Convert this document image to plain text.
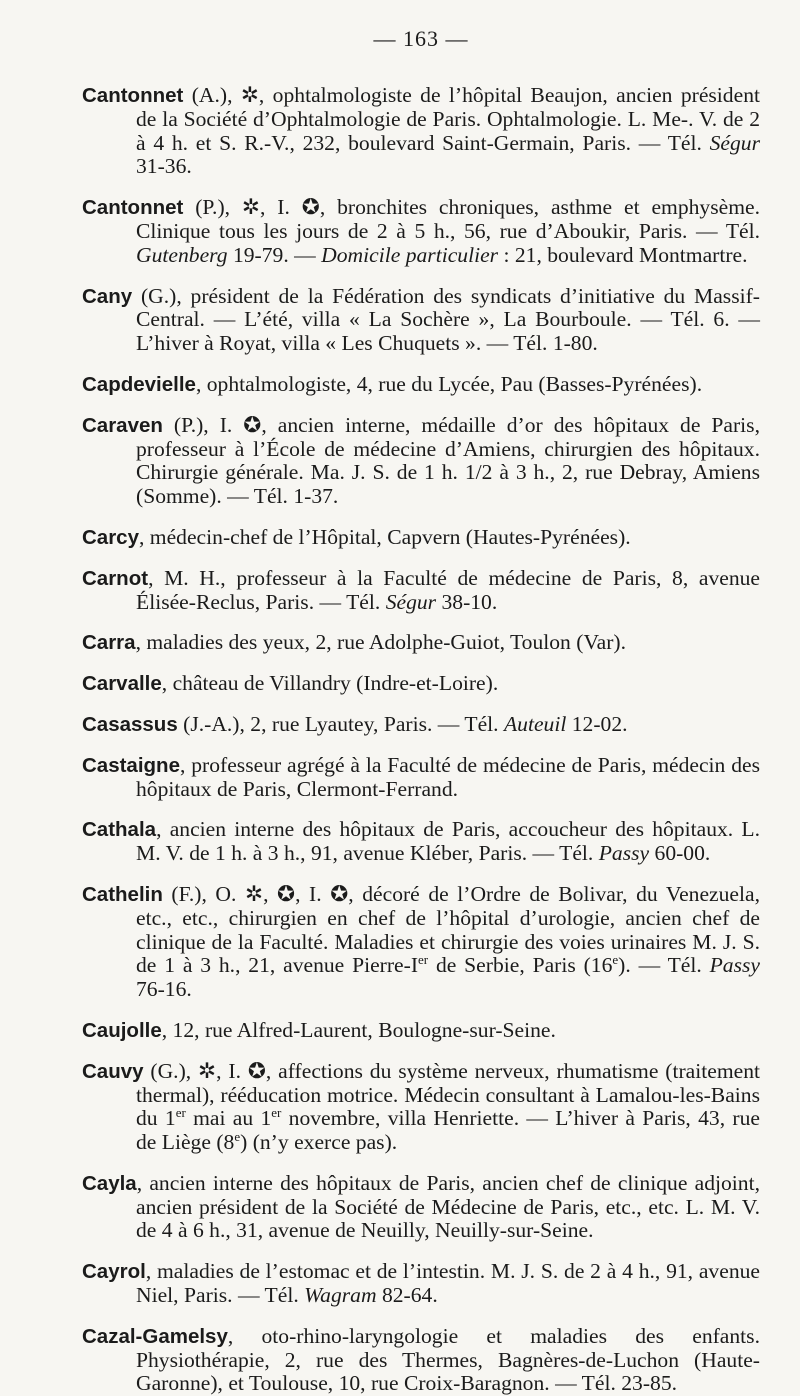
— 163 —
Cantonnet (A.), ✲, ophtalmologiste de l’hôpital Beaujon, ancien président de la Société d’Ophtalmologie de Paris. Ophtalmologie. L. Me-. V. de 2 à 4 h. et S. R.-V., 232, boulevard Saint-Germain, Paris. — Tél. Ségur 31-36.
Cantonnet (P.), ✲, I. ✪, bronchites chroniques, asthme et emphysème. Clinique tous les jours de 2 à 5 h., 56, rue d’Aboukir, Paris. — Tél. Gutenberg 19-79. — Domicile particulier : 21, boulevard Montmartre.
Cany (G.), président de la Fédération des syndicats d’initiative du Massif-Central. — L’été, villa « La Sochère », La Bourboule. — Tél. 6. — L’hiver à Royat, villa « Les Chuquets ». — Tél. 1-80.
Capdevielle, ophtalmologiste, 4, rue du Lycée, Pau (Basses-Pyrénées).
Caraven (P.), I. ✪, ancien interne, médaille d’or des hôpitaux de Paris, professeur à l’École de médecine d’Amiens, chirurgien des hôpitaux. Chirurgie générale. Ma. J. S. de 1 h. 1/2 à 3 h., 2, rue Debray, Amiens (Somme). — Tél. 1-37.
Carcy, médecin-chef de l’Hôpital, Capvern (Hautes-Pyrénées).
Carnot, M. H., professeur à la Faculté de médecine de Paris, 8, avenue Élisée-Reclus, Paris. — Tél. Ségur 38-10.
Carra, maladies des yeux, 2, rue Adolphe-Guiot, Toulon (Var).
Carvalle, château de Villandry (Indre-et-Loire).
Casassus (J.-A.), 2, rue Lyautey, Paris. — Tél. Auteuil 12-02.
Castaigne, professeur agrégé à la Faculté de médecine de Paris, médecin des hôpitaux de Paris, Clermont-Ferrand.
Cathala, ancien interne des hôpitaux de Paris, accoucheur des hôpitaux. L. M. V. de 1 h. à 3 h., 91, avenue Kléber, Paris. — Tél. Passy 60-00.
Cathelin (F.), O. ✲, ✪, I. ✪, décoré de l’Ordre de Bolivar, du Venezuela, etc., etc., chirurgien en chef de l’hôpital d’urologie, ancien chef de clinique de la Faculté. Maladies et chirurgie des voies urinaires M. J. S. de 1 à 3 h., 21, avenue Pierre-Ier de Serbie, Paris (16e). — Tél. Passy 76-16.
Caujolle, 12, rue Alfred-Laurent, Boulogne-sur-Seine.
Cauvy (G.), ✲, I. ✪, affections du système nerveux, rhumatisme (traitement thermal), rééducation motrice. Médecin consultant à Lamalou-les-Bains du 1er mai au 1er novembre, villa Henriette. — L’hiver à Paris, 43, rue de Liège (8e) (n’y exerce pas).
Cayla, ancien interne des hôpitaux de Paris, ancien chef de clinique adjoint, ancien président de la Société de Médecine de Paris, etc., etc. L. M. V. de 4 à 6 h., 31, avenue de Neuilly, Neuilly-sur-Seine.
Cayrol, maladies de l’estomac et de l’intestin. M. J. S. de 2 à 4 h., 91, avenue Niel, Paris. — Tél. Wagram 82-64.
Cazal-Gamelsy, oto-rhino-laryngologie et maladies des enfants. Physiothérapie, 2, rue des Thermes, Bagnères-de-Luchon (Haute-Garonne), et Toulouse, 10, rue Croix-Baragnon. — Tél. 23-85.
